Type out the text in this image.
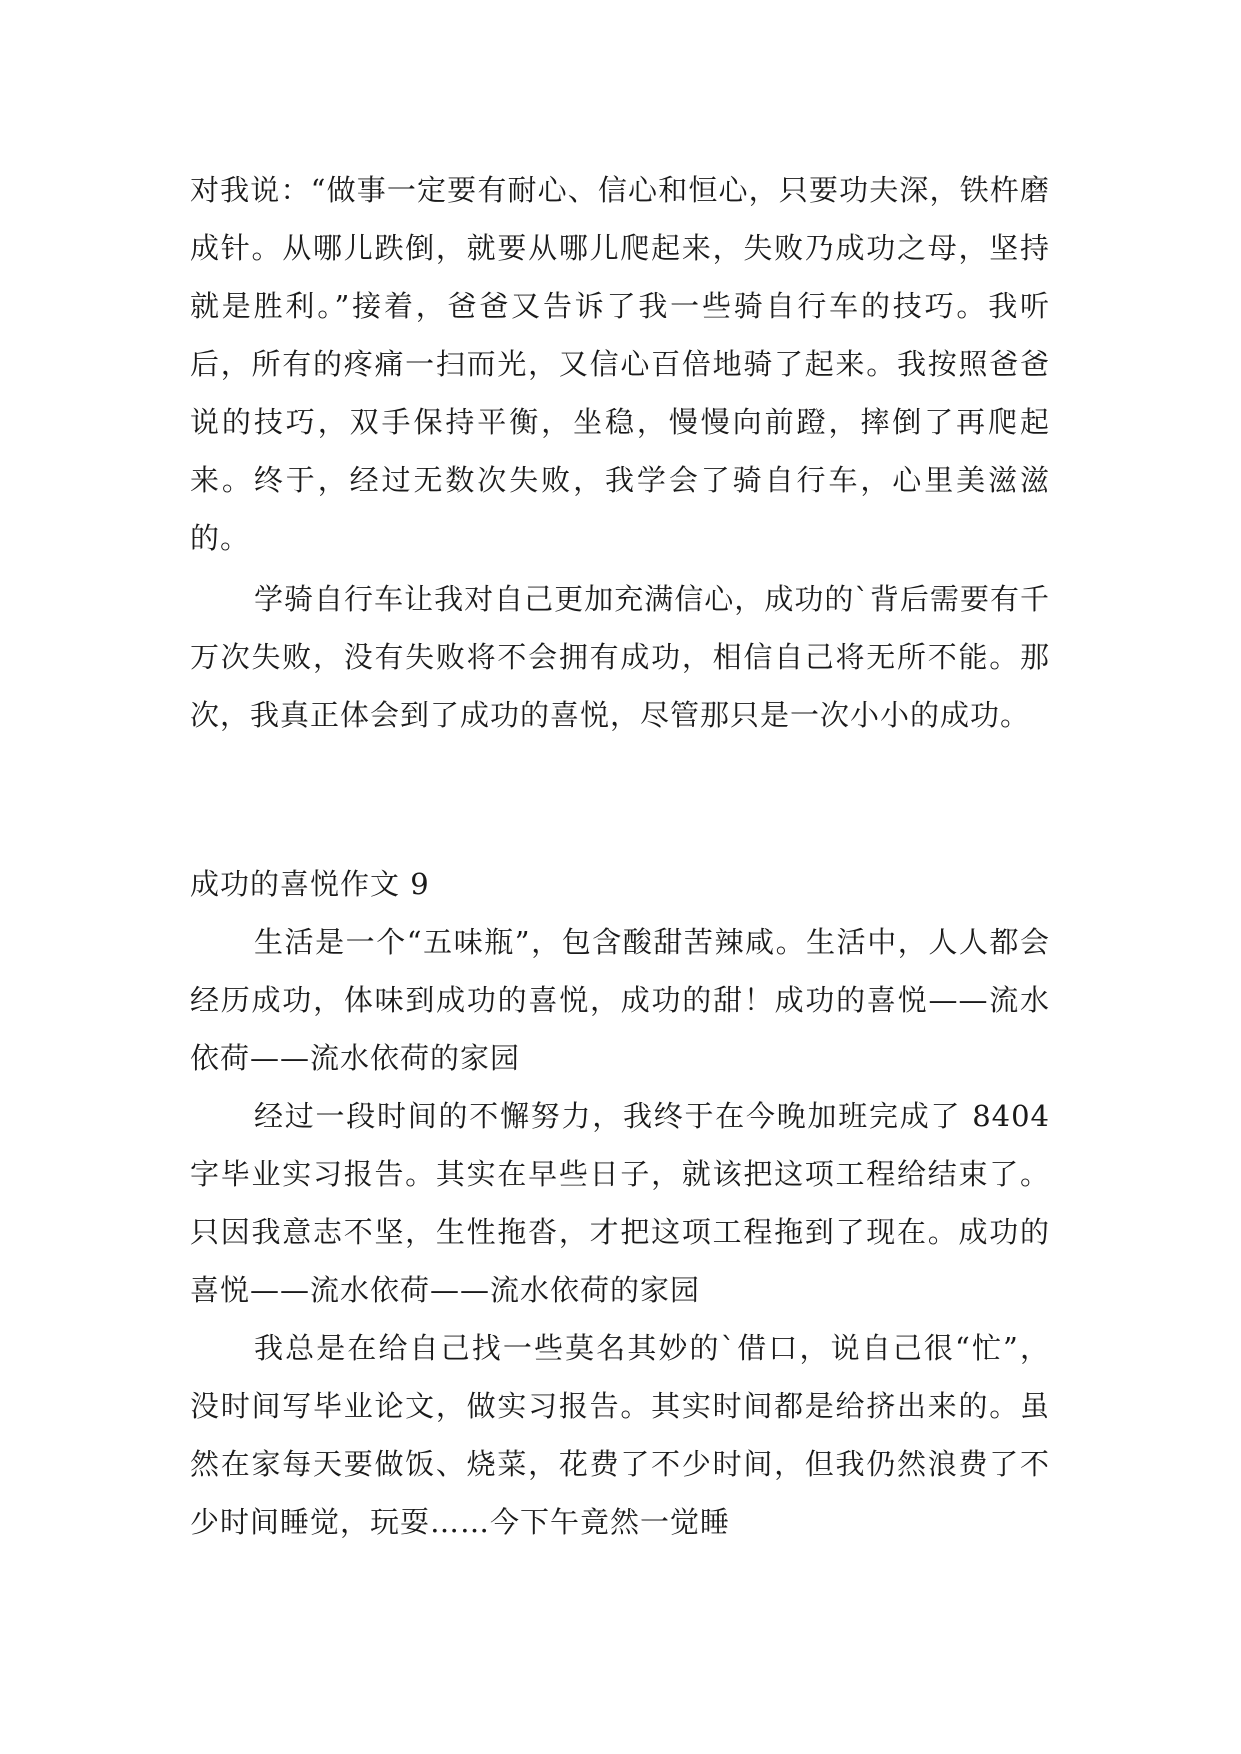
对我说：“做事一定要有耐心、信心和恒心，只要功夫深，铁杵磨成针。从哪儿跌倒，就要从哪儿爬起来，失败乃成功之母，坚持就是胜利。”接着，爸爸又告诉了我一些骑自行车的技巧。我听后，所有的疼痛一扫而光，又信心百倍地骑了起来。我按照爸爸说的技巧，双手保持平衡，坐稳，慢慢向前蹬，摔倒了再爬起来。终于，经过无数次失败，我学会了骑自行车，心里美滋滋的。

学骑自行车让我对自己更加充满信心，成功的`背后需要有千万次失败，没有失败将不会拥有成功，相信自己将无所不能。那次，我真正体会到了成功的喜悦，尽管那只是一次小小的成功。

成功的喜悦作文 9

生活是一个“五味瓶”，包含酸甜苦辣咸。生活中，人人都会经历成功，体味到成功的喜悦，成功的甜！成功的喜悦——流水依荷——流水依荷的家园

经过一段时间的不懈努力，我终于在今晚加班完成了 8404 字毕业实习报告。其实在早些日子，就该把这项工程给结束了。只因我意志不坚，生性拖沓，才把这项工程拖到了现在。成功的喜悦——流水依荷——流水依荷的家园

我总是在给自己找一些莫名其妙的`借口，说自己很“忙”，没时间写毕业论文，做实习报告。其实时间都是给挤出来的。虽然在家每天要做饭、烧菜，花费了不少时间，但我仍然浪费了不少时间睡觉，玩耍……今下午竟然一觉睡
